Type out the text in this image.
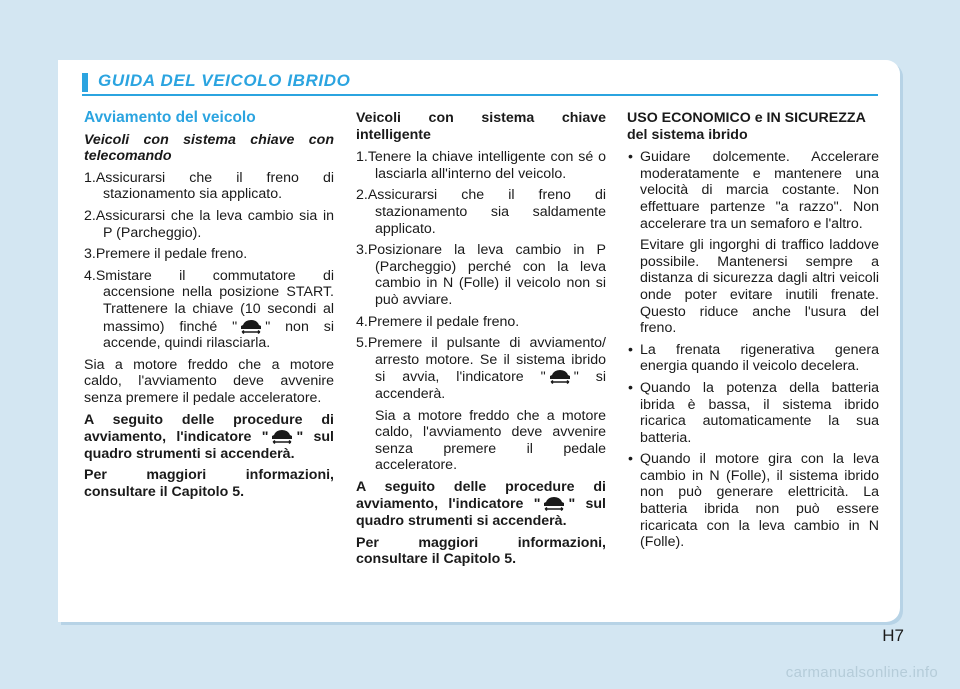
GUIDA DEL VEICOLO IBRIDO

Avviamento del veicolo

Veicoli con sistema chiave con telecomando

1.Assicurarsi che il freno di stazionamento sia applicato.

2.Assicurarsi che la leva cambio sia in P (Parcheggio).

3.Premere il pedale freno.

4.Smistare il commutatore di accensione nella posizione START. Trattenere la chiave (10 secondi al massimo) finché " " non si accende, quindi rilasciarla.

Sia a motore freddo che a motore caldo, l'avviamento deve avvenire senza premere il pedale acceleratore.

A seguito delle procedure di avviamento, l'indicatore " " sul quadro strumenti si accenderà.

Per maggiori informazioni, consultare il Capitolo 5.

Veicoli con sistema chiave intelligente

1.Tenere la chiave intelligente con sé o lasciarla all'interno del veicolo.

2.Assicurarsi che il freno di stazionamento sia saldamente applicato.

3.Posizionare la leva cambio in P (Parcheggio) perché con la leva cambio in N (Folle) il veicolo non si può avviare.

4.Premere il pedale freno.

5.Premere il pulsante di avviamento/ arresto motore. Se il sistema ibrido si avvia, l'indicatore " " si accenderà.

Sia a motore freddo che a motore caldo, l'avviamento deve avvenire senza premere il pedale acceleratore.

A seguito delle procedure di avviamento, l'indicatore " " sul quadro strumenti si accenderà.

Per maggiori informazioni, consultare il Capitolo 5.

USO ECONOMICO e IN SICUREZZA del sistema ibrido

• Guidare dolcemente. Accelerare moderatamente e mantenere una velocità di marcia costante. Non effettuare partenze "a razzo". Non accelerare tra un semaforo e l'altro.

Evitare gli ingorghi di traffico laddove possibile. Mantenersi sempre a distanza di sicurezza dagli altri veicoli onde poter evitare inutili frenate. Questo riduce anche l'usura del freno.

• La frenata rigenerativa genera energia quando il veicolo decelera.

• Quando la potenza della batteria ibrida è bassa, il sistema ibrido ricarica automaticamente la sua batteria.

• Quando il motore gira con la leva cambio in N (Folle), il sistema ibrido non può generare elettricità. La batteria ibrida non può essere ricaricata con la leva cambio in N (Folle).

H7
carmanualsonline.info
